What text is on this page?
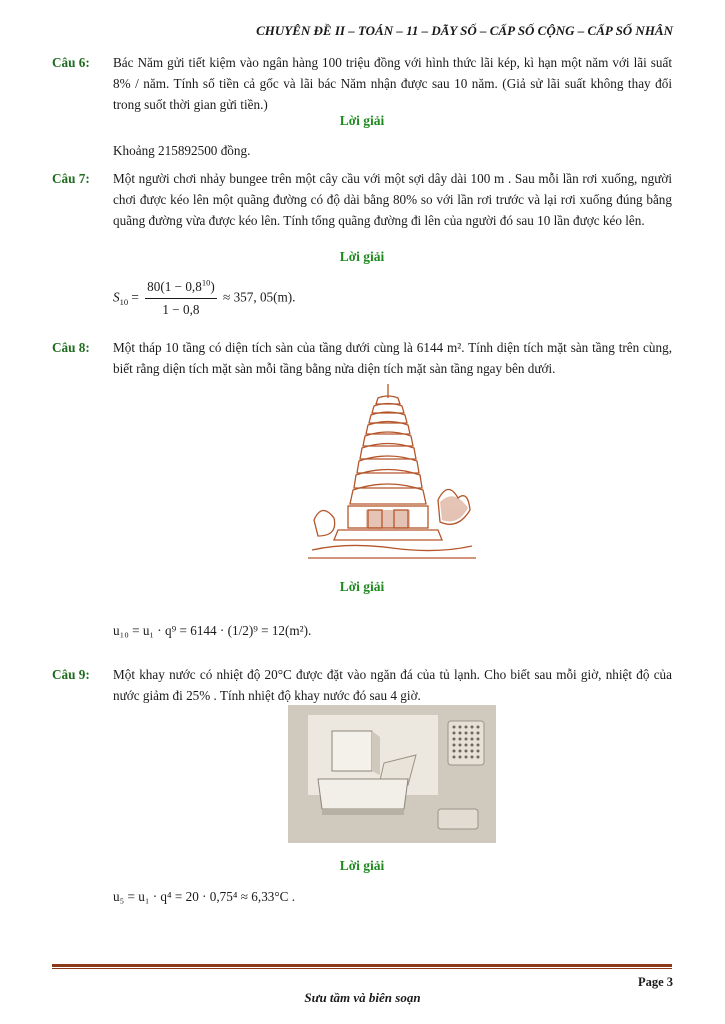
CHUYÊN ĐỀ II – TOÁN – 11 – DÃY SỐ – CẤP SỐ CỘNG – CẤP SỐ NHÂN
Câu 6:	Bác Năm gửi tiết kiệm vào ngân hàng 100 triệu đồng với hình thức lãi kép, kì hạn một năm với lãi suất 8% / năm. Tính số tiền cả gốc và lãi bác Năm nhận được sau 10 năm. (Giả sử lãi suất không thay đổi trong suốt thời gian gửi tiền.)
Lời giải
Khoảng 215892500 đồng.
Câu 7:	Một người chơi nhảy bungee trên một cây cầu với một sợi dây dài 100 m . Sau mỗi lần rơi xuống, người chơi được kéo lên một quãng đường có độ dài bằng 80% so với lần rơi trước và lại rơi xuống đúng bằng quãng đường vừa được kéo lên. Tính tổng quãng đường đi lên của người đó sau 10 lần được kéo lên.
Lời giải
$S_{10} = \frac{80(1 - 0,8^{10})}{1 - 0,8} \approx 357$, 05(m).
Câu 8:	Một tháp 10 tầng có diện tích sàn của tầng dưới cùng là 6144 m². Tính diện tích mặt sàn tầng trên cùng, biết rằng diện tích mặt sàn mỗi tầng bằng nửa diện tích mặt sàn tầng ngay bên dưới.
Lời giải
u₁₀ = u₁ · q⁹ = 6144 · (1/2)⁹ = 12(m²).
Câu 9:	Một khay nước có nhiệt độ 20°C được đặt vào ngăn đá của tủ lạnh. Cho biết sau mỗi giờ, nhiệt độ của nước giảm đi 25% . Tính nhiệt độ khay nước đó sau 4 giờ.
Lời giải
u₅ = u₁ · q⁴ = 20 · 0,75⁴ ≈ 6,33°C .
Page 3
Sưu tầm và biên soạn
